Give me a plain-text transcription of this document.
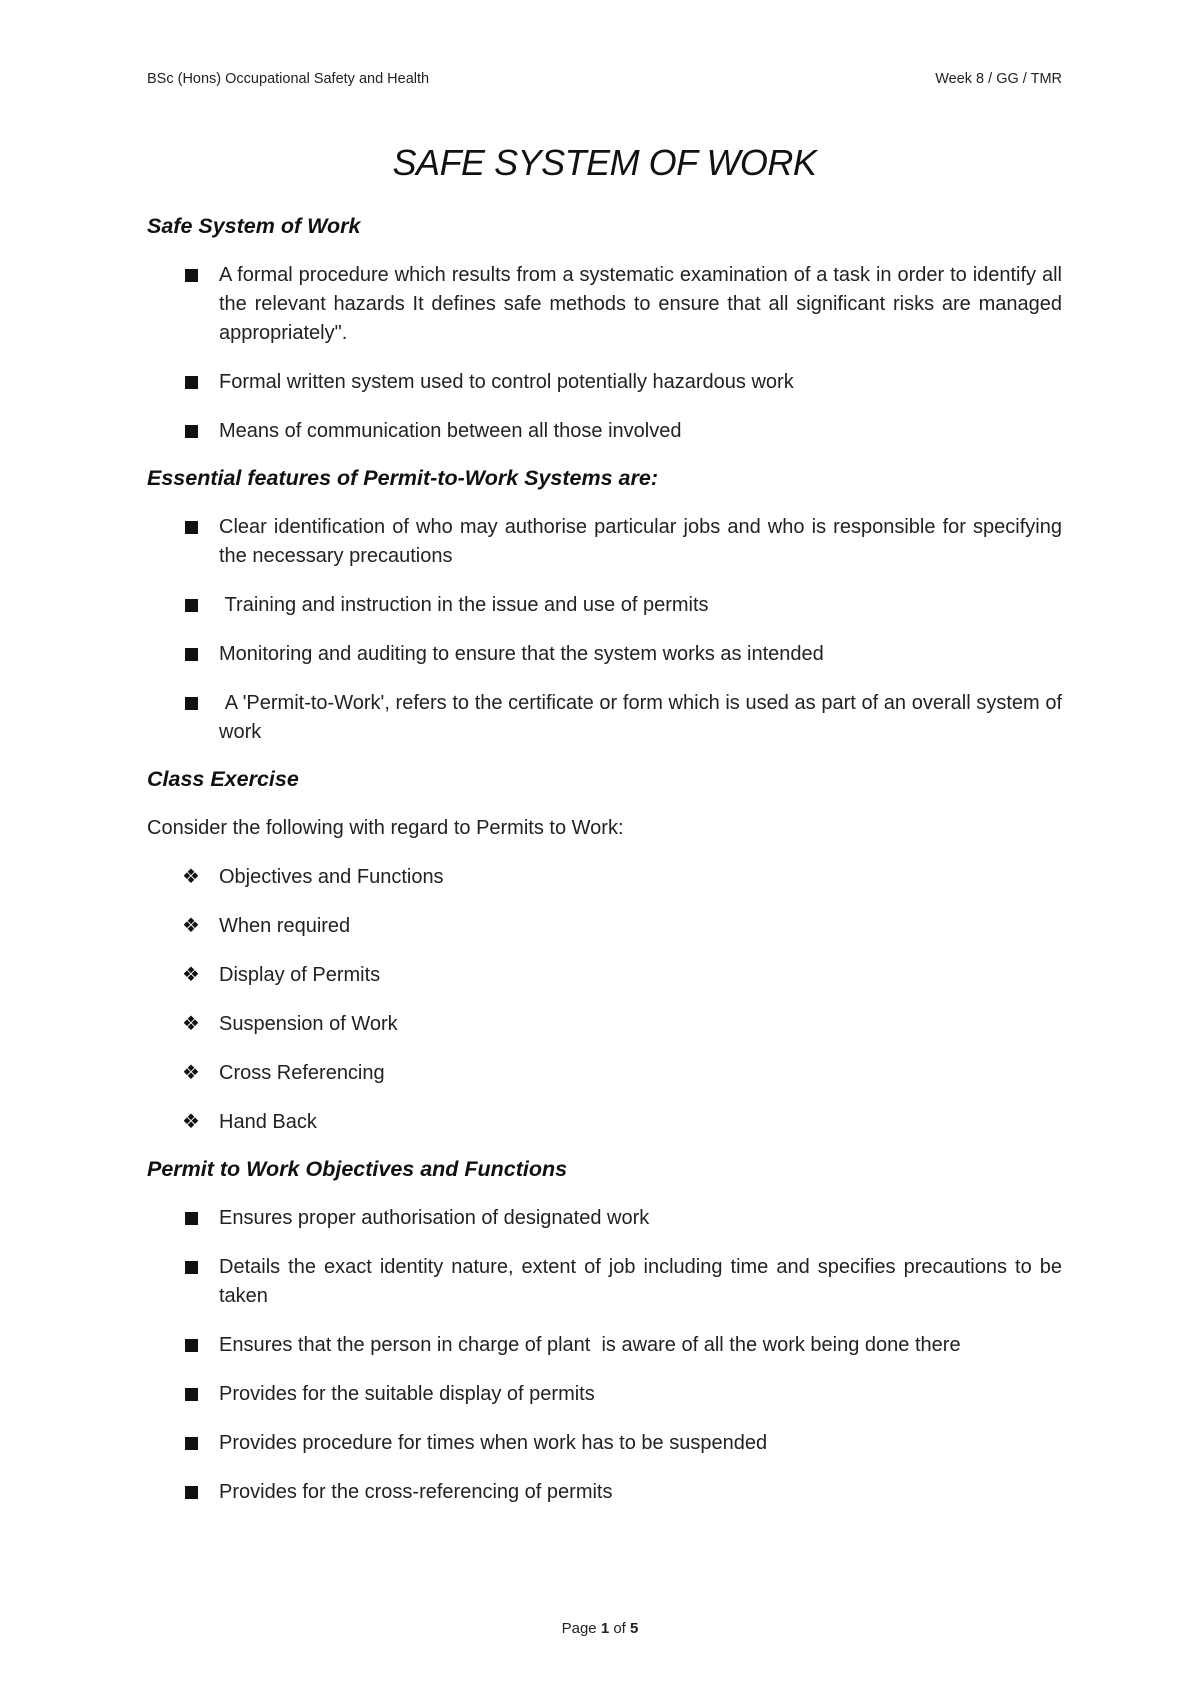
BSc (Hons) Occupational Safety and Health	Week 8 / GG / TMR
SAFE SYSTEM OF WORK
Safe System of Work
A formal procedure which results from a systematic examination of a task in order to identify all the relevant hazards It defines safe methods to ensure that all significant risks are managed appropriately".
Formal written system used to control potentially hazardous work
Means of communication between all those involved
Essential features of Permit-to-Work Systems are:
Clear identification of who may authorise particular jobs and who is responsible for specifying the necessary precautions
Training and instruction in the issue and use of permits
Monitoring and auditing to ensure that the system works as intended
A 'Permit-to-Work', refers to the certificate or form which is used as part of an overall system of work
Class Exercise

Consider the following with regard to Permits to Work:

❖ Objectives and Functions
❖ When required
❖ Display of Permits
❖ Suspension of Work
❖ Cross Referencing
❖ Hand Back
Permit to Work Objectives and Functions
Ensures proper authorisation of designated work
Details the exact identity nature, extent of job including time and specifies precautions to be taken
Ensures that the person in charge of plant  is aware of all the work being done there
Provides for the suitable display of permits
Provides procedure for times when work has to be suspended
Provides for the cross-referencing of permits
Page 1 of 5
